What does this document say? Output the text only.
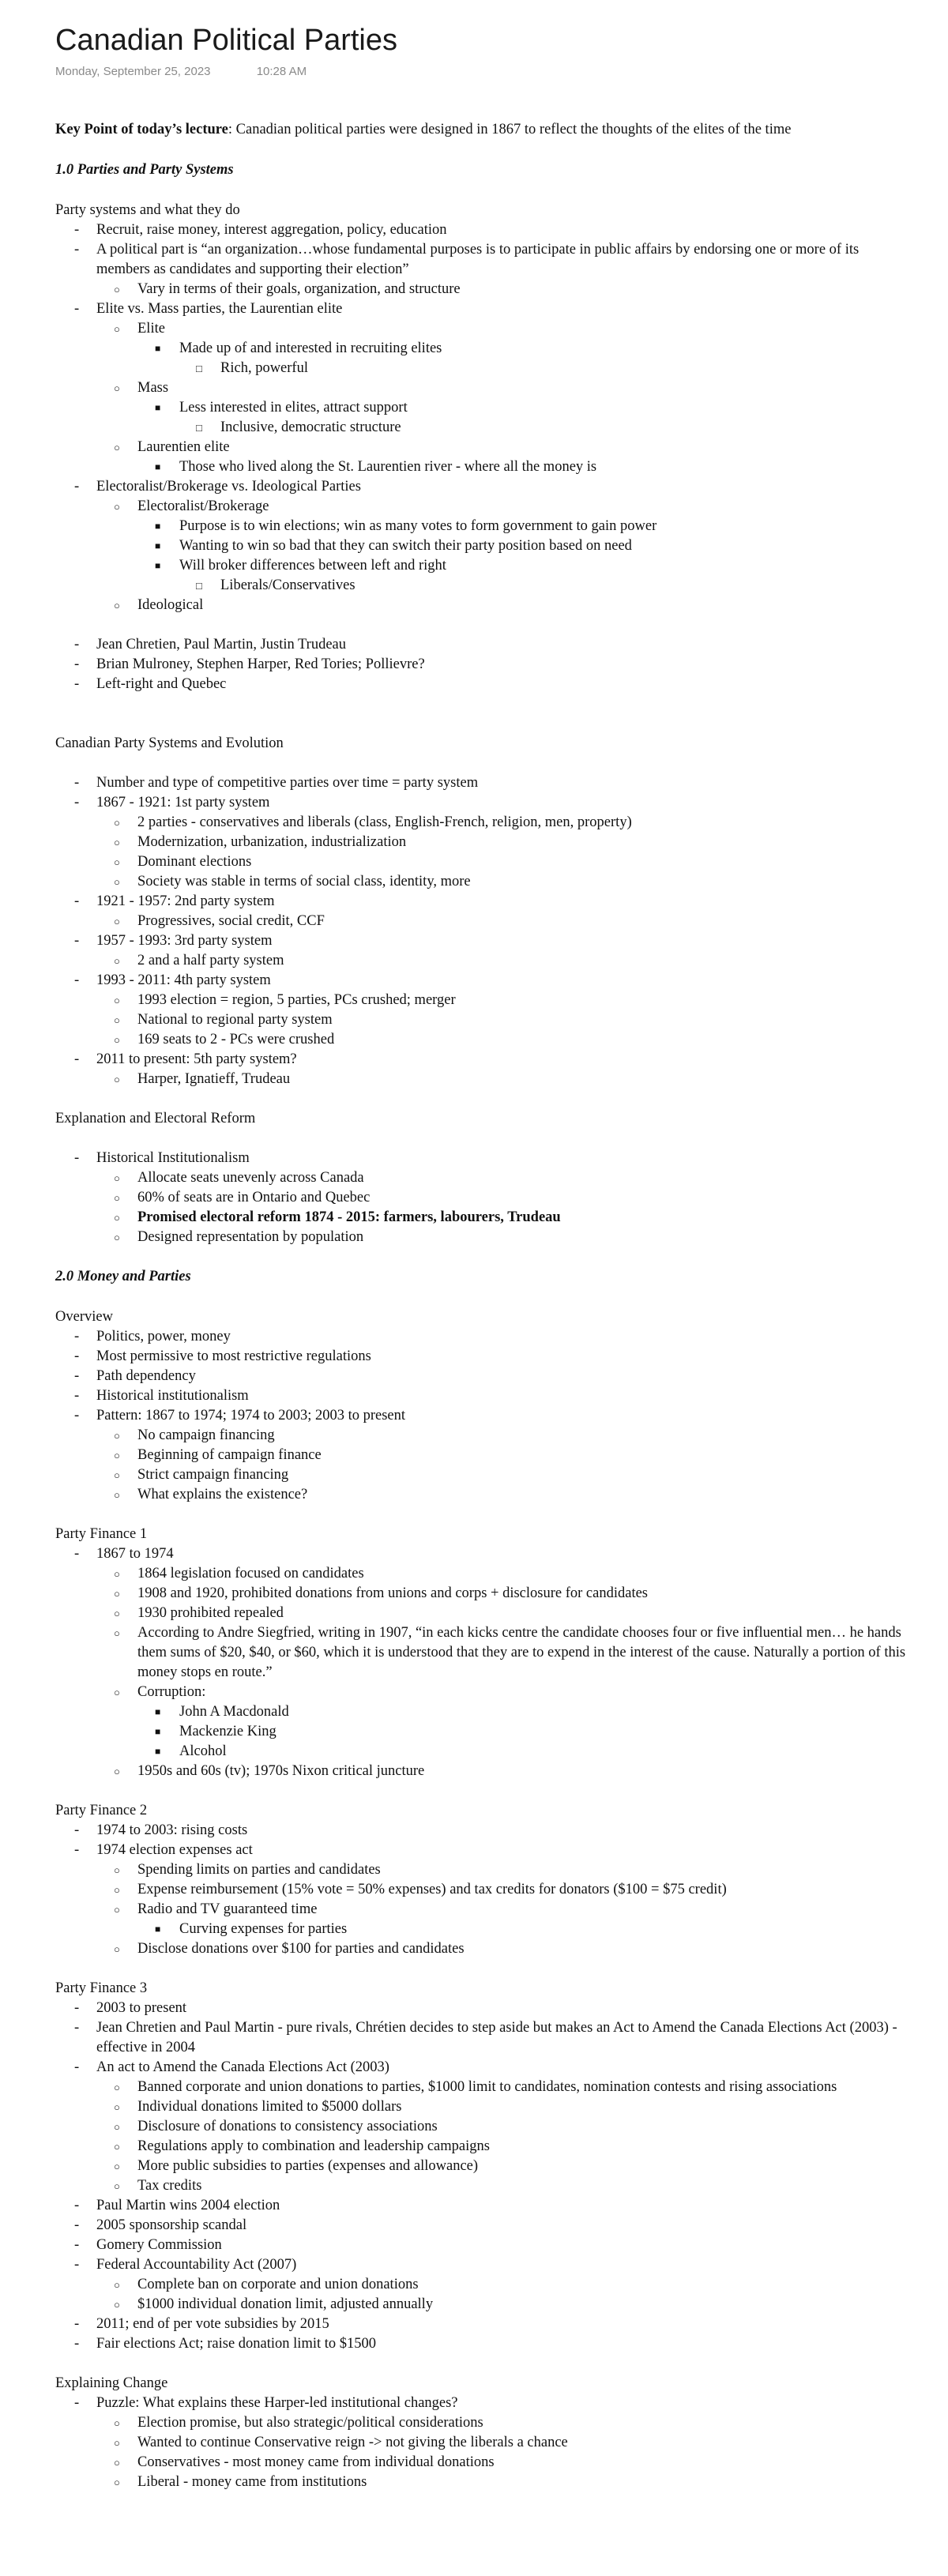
Canadian Political Parties
Monday, September 25, 2023	10:28 AM

Key Point of today’s lecture: Canadian political parties were designed in 1867 to reflect the thoughts of the elites of the time

1.0 Parties and Party Systems

Party systems and what they do

- Recruit, raise money, interest aggregation, policy, education
- A political part is “an organization…whose fundamental purposes is to participate in public affairs by endorsing one or more of its members as candidates and supporting their election”
○ Vary in terms of their goals, organization, and structure
- Elite vs. Mass parties, the Laurentian elite
○ Elite
■ Made up of and interested in recruiting elites
□ Rich, powerful
○ Mass
■ Less interested in elites, attract support
□ Inclusive, democratic structure
○ Laurentien elite
■ Those who lived along the St. Laurentien river - where all the money is
- Electoralist/Brokerage vs. Ideological Parties
○ Electoralist/Brokerage
■ Purpose is to win elections; win as many votes to form government to gain power
■ Wanting to win so bad that they can switch their party position based on need
■ Will broker differences between left and right
□ Liberals/Conservatives
○ Ideological
- Jean Chretien, Paul Martin, Justin Trudeau
- Brian Mulroney, Stephen Harper, Red Tories; Pollievre?
- Left-right and Quebec

Canadian Party Systems and Evolution

- Number and type of competitive parties over time = party system
- 1867 - 1921: 1st party system
○ 2 parties - conservatives and liberals (class, English-French, religion, men, property)
○ Modernization, urbanization, industrialization
○ Dominant elections
○ Society was stable in terms of social class, identity, more
- 1921 - 1957: 2nd party system
○ Progressives, social credit, CCF
- 1957 - 1993: 3rd party system
○ 2 and a half party system
- 1993 - 2011: 4th party system
○ 1993 election = region, 5 parties, PCs crushed; merger
○ National to regional party system
○ 169 seats to 2 - PCs were crushed
- 2011 to present: 5th party system?
○ Harper, Ignatieff, Trudeau

Explanation and Electoral Reform

- Historical Institutionalism
○ Allocate seats unevenly across Canada
○ 60% of seats are in Ontario and Quebec
○ Promised electoral reform 1874 - 2015: farmers, labourers, Trudeau
○ Designed representation by population

2.0 Money and Parties

Overview

- Politics, power, money
- Most permissive to most restrictive regulations
- Path dependency
- Historical institutionalism
- Pattern: 1867 to 1974; 1974 to 2003; 2003 to present
○ No campaign financing
○ Beginning of campaign finance
○ Strict campaign financing
○ What explains the existence?

Party Finance 1

- 1867 to 1974
○ 1864 legislation focused on candidates
○ 1908 and 1920, prohibited donations from unions and corps + disclosure for candidates
○ 1930 prohibited repealed
○ According to Andre Siegfried, writing in 1907, “in each kicks centre the candidate chooses four or five influential men… he hands them sums of $20, $40, or $60, which it is understood that they are to expend in the interest of the cause. Naturally a portion of this money stops en route.”
○ Corruption:
■ John A Macdonald
■ Mackenzie King
■ Alcohol
○ 1950s and 60s (tv); 1970s Nixon critical juncture

Party Finance 2

- 1974 to 2003: rising costs
- 1974 election expenses act
○ Spending limits on parties and candidates
○ Expense reimbursement (15% vote = 50% expenses) and tax credits for donators ($100 = $75 credit)
○ Radio and TV guaranteed time
■ Curving expenses for parties
○ Disclose donations over $100 for parties and candidates

Party Finance 3

- 2003 to present
- Jean Chretien and Paul Martin - pure rivals, Chrétien decides to step aside but makes an Act to Amend the Canada Elections Act (2003) - effective in 2004
- An act to Amend the Canada Elections Act (2003)
○ Banned corporate and union donations to parties, $1000 limit to candidates, nomination contests and rising associations
○ Individual donations limited to $5000 dollars
○ Disclosure of donations to consistency associations
○ Regulations apply to combination and leadership campaigns
○ More public subsidies to parties (expenses and allowance)
○ Tax credits
- Paul Martin wins 2004 election
- 2005 sponsorship scandal
- Gomery Commission
- Federal Accountability Act (2007)
○ Complete ban on corporate and union donations
○ $1000 individual donation limit, adjusted annually
- 2011; end of per vote subsidies by 2015
- Fair elections Act; raise donation limit to $1500

Explaining Change

- Puzzle: What explains these Harper-led institutional changes?
○ Election promise, but also strategic/political considerations
○ Wanted to continue Conservative reign -> not giving the liberals a chance
○ Conservatives - most money came from individual donations
○ Liberal - money came from institutions
